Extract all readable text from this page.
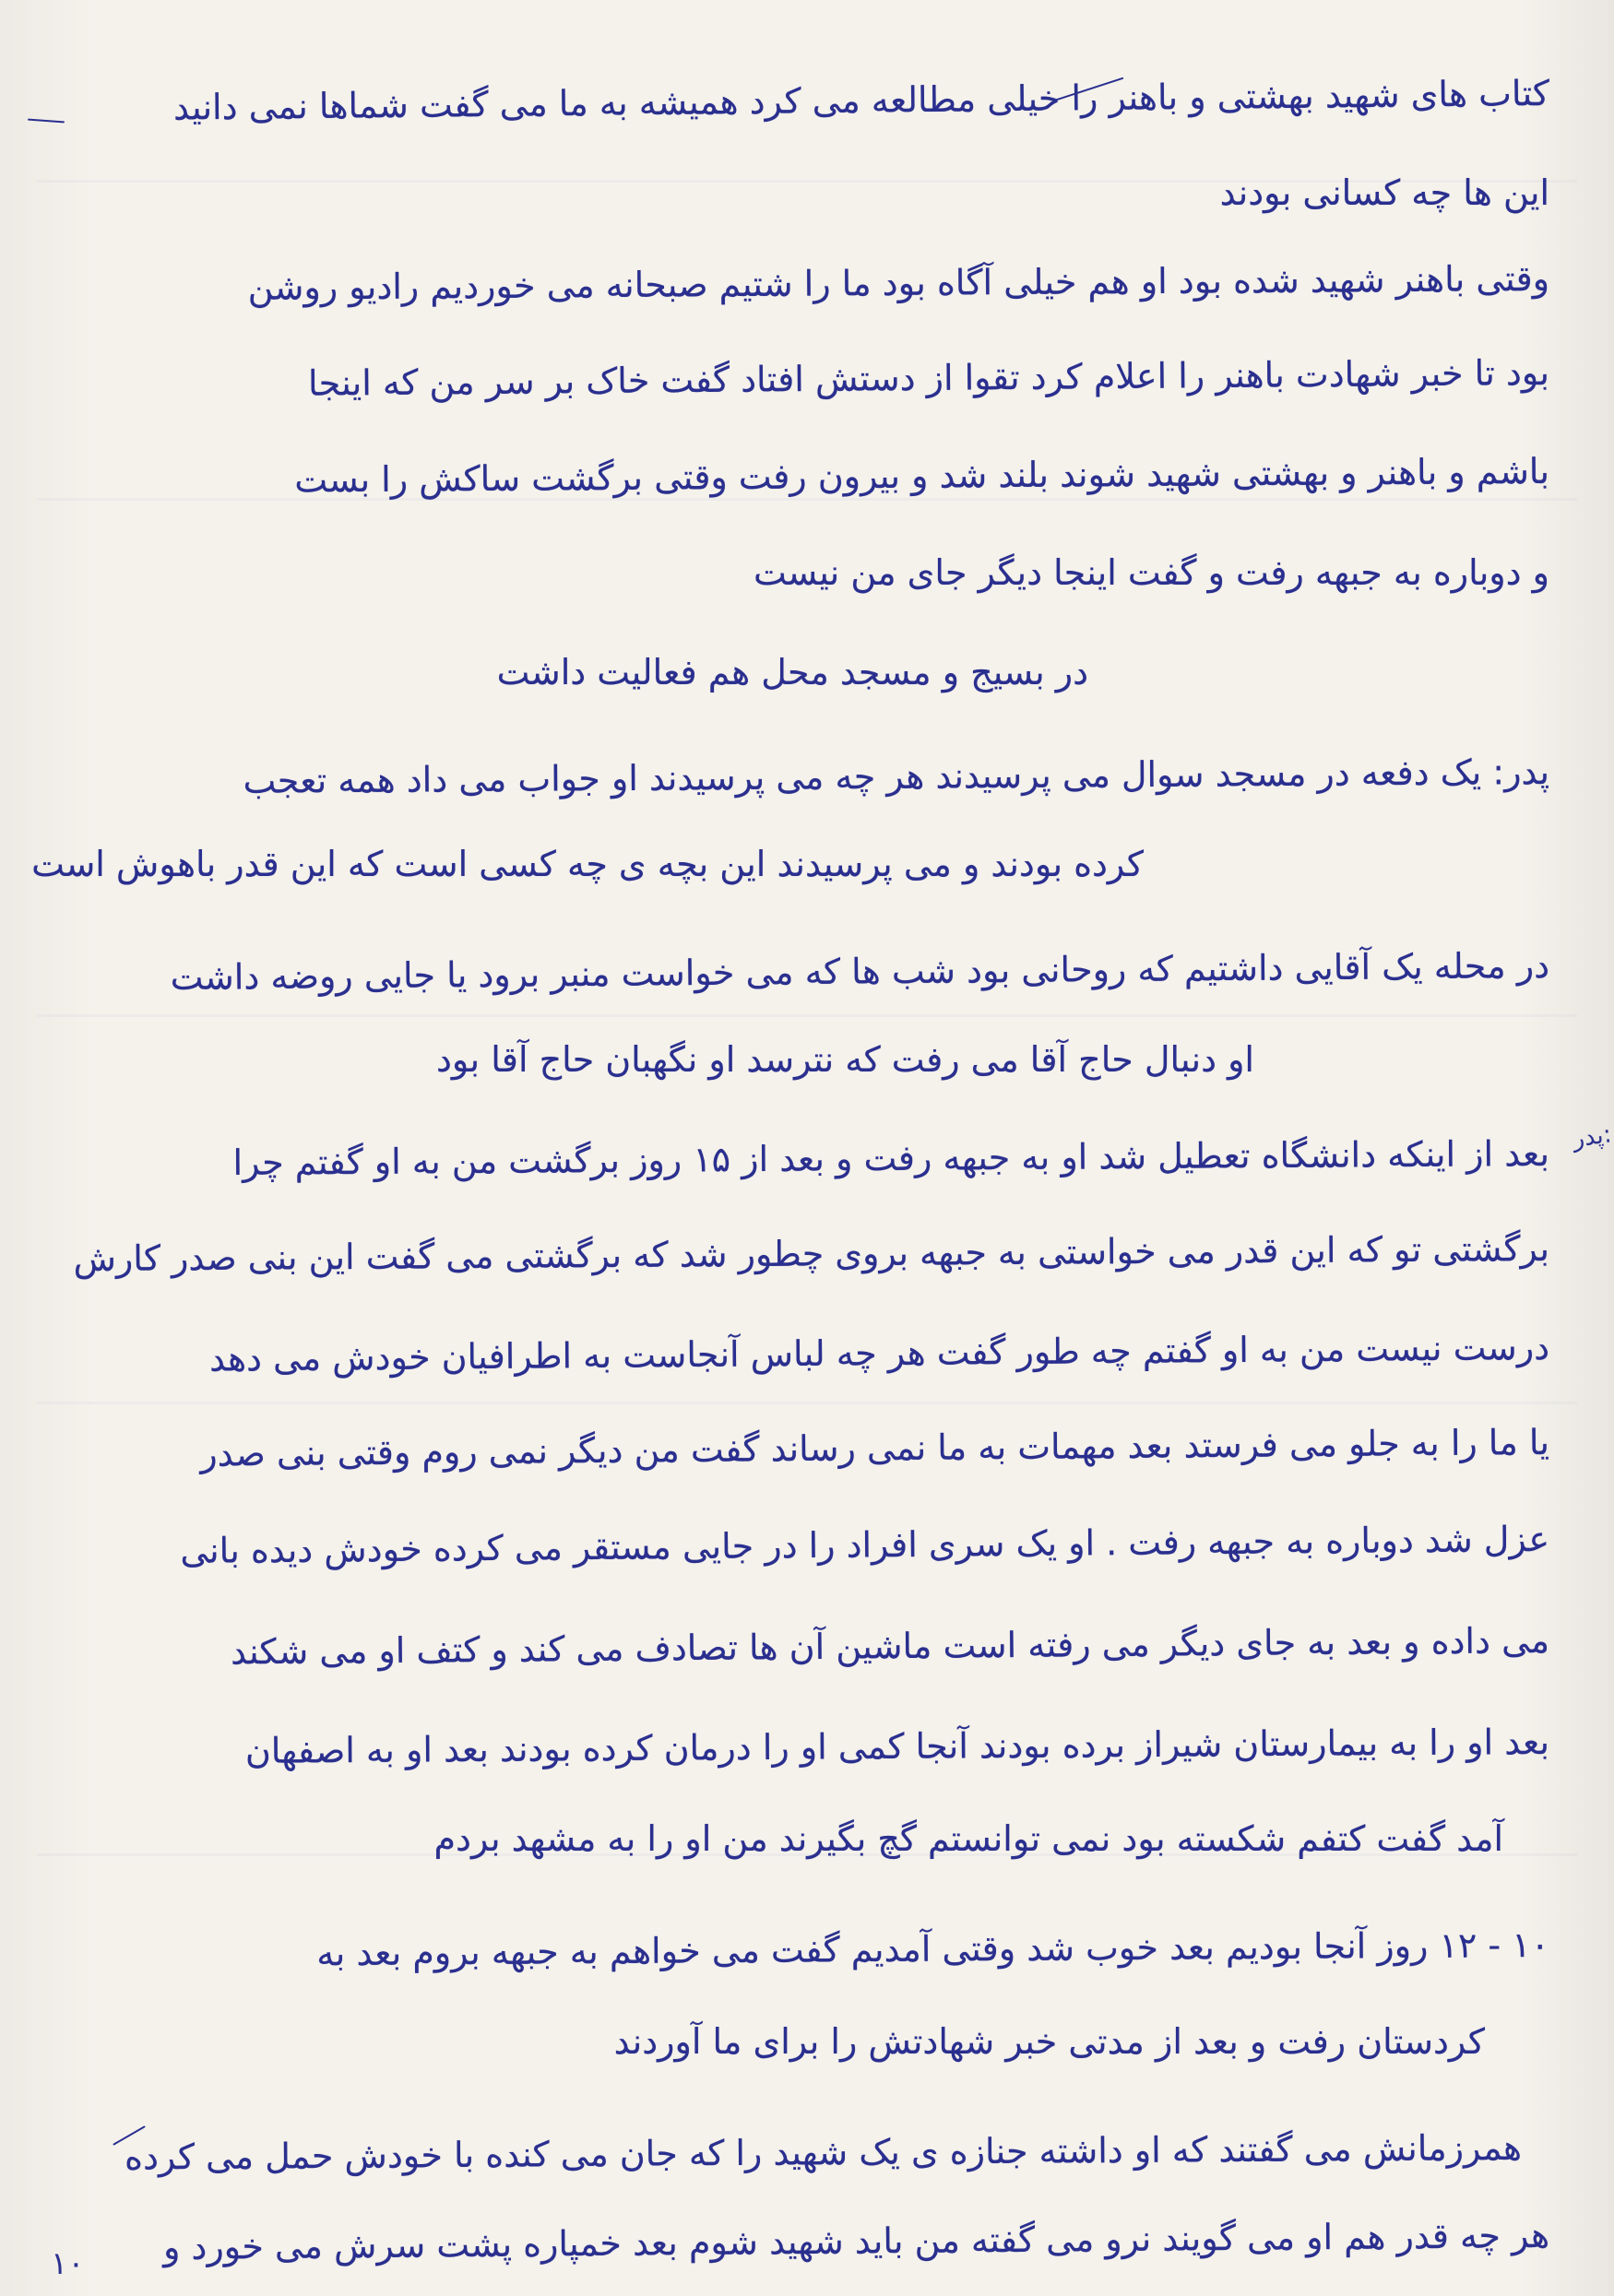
کتاب های شهید بهشتی و باهنر را خیلی مطالعه می کرد همیشه به ما می گفت شماها نمی دانید
این ها چه کسانی بودند
وقتی باهنر شهید شده بود او هم خیلی آگاه بود ما را شتیم صبحانه می خوردیم رادیو روشن
بود تا خبر شهادت باهنر را اعلام کرد تقوا از دستش افتاد گفت خاک بر سر من که اینجا
باشم و باهنر و بهشتی شهید شوند بلند شد و بیرون رفت وقتی برگشت ساکش را بست
و دوباره به جبهه رفت و گفت اینجا دیگر جای من نیست
در بسیج و مسجد محل هم فعالیت داشت
پدر: یک دفعه در مسجد سوال می پرسیدند هر چه می پرسیدند او جواب می داد همه تعجب
کرده بودند و می پرسیدند این بچه ی چه کسی است که این قدر باهوش است
در محله یک آقایی داشتیم که روحانی بود شب ها که می خواست منبر برود یا جایی روضه داشت
او دنبال حاج آقا می رفت که نترسد او نگهبان حاج آقا بود
بعد از اینکه دانشگاه تعطیل شد او به جبهه رفت و بعد از ۱۵ روز برگشت من به او گفتم چرا
برگشتی تو که این قدر می خواستی به جبهه بروی چطور شد که برگشتی می گفت این بنی صدر کارش
درست نیست من به او گفتم چه طور گفت هر چه لباس آنجاست به اطرافیان خودش می دهد
یا ما را به جلو می فرستد بعد مهمات به ما نمی رساند گفت من دیگر نمی روم وقتی بنی صدر
عزل شد دوباره به جبهه رفت . او یک سری افراد را در جایی مستقر می کرده خودش دیده بانی
می داده و بعد به جای دیگر می رفته است ماشین آن ها تصادف می کند و کتف او می شکند
بعد او را به بیمارستان شیراز برده بودند آنجا کمی او را درمان کرده بودند بعد او به اصفهان
آمد گفت کتفم شکسته بود نمی توانستم گچ بگیرند من او را به مشهد بردم
۱۰ - ۱۲ روز آنجا بودیم بعد خوب شد وقتی آمدیم گفت می خواهم به جبهه بروم بعد به
کردستان رفت و بعد از مدتی خبر شهادتش را برای ما آوردند
همرزمانش می گفتند که او داشته جنازه ی یک شهید را که جان می کنده با خودش حمل می کرده
هر چه قدر هم او می گویند نرو می گفته من باید شهید شوم بعد خمپاره پشت سرش می خورد و
پدر:
۱۰
